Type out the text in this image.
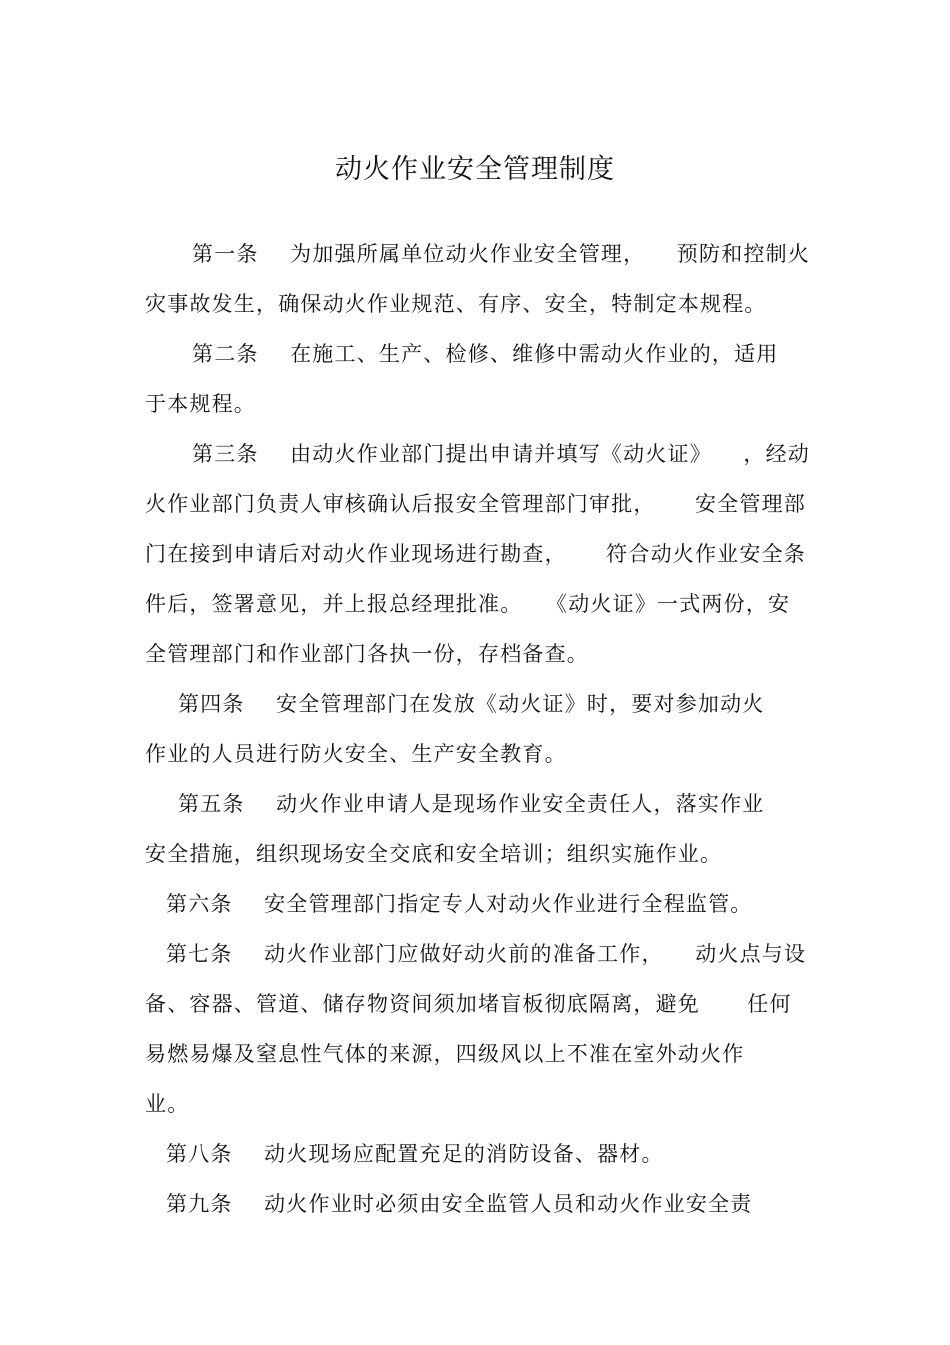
动火作业安全管理制度
第一条    为加强所属单位动火作业安全管理，    预防和控制火
灾事故发生，确保动火作业规范、有序、安全，特制定本规程。
第二条    在施工、生产、检修、维修中需动火作业的，适用
于本规程。
第三条    由动火作业部门提出申请并填写《动火证》    ，经动
火作业部门负责人审核确认后报安全管理部门审批，     安全管理部
门在接到申请后对动火作业现场进行勘查，     符合动火作业安全条
件后，签署意见，并上报总经理批准。   《动火证》一式两份，安
全管理部门和作业部门各执一份，存档备查。
第四条    安全管理部门在发放《动火证》时，要对参加动火
作业的人员进行防火安全、生产安全教育。
第五条    动火作业申请人是现场作业安全责任人，落实作业
安全措施，组织现场安全交底和安全培训；组织实施作业。
第六条    安全管理部门指定专人对动火作业进行全程监管。
第七条    动火作业部门应做好动火前的准备工作，    动火点与设
备、容器、管道、储存物资间须加堵盲板彻底隔离，避免      任何
易燃易爆及窒息性气体的来源，四级风以上不准在室外动火作
业。
第八条    动火现场应配置充足的消防设备、器材。
第九条    动火作业时必须由安全监管人员和动火作业安全责
